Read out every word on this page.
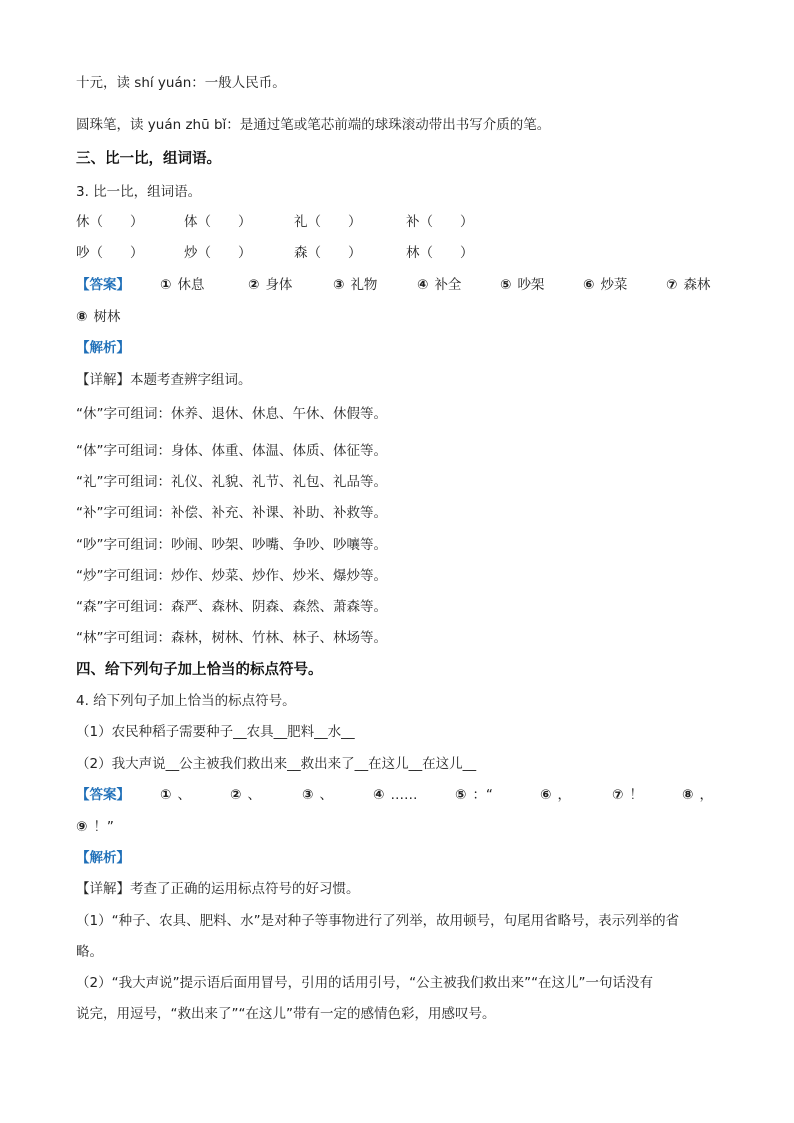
十元，读 shí yuán：一般人民币。
圆珠笔，读 yuán zhū bǐ：是通过笔或笔芯前端的球珠滚动带出书写介质的笔。
三、比一比，组词语。
3. 比一比，组词语。
休（　　）	体（　　）	礼（　　）	补（　　）
吵（　　）	炒（　　）	森（　　）	林（　　）
【答案】 ① 休息	② 身体	③ 礼物	④ 补全	⑤ 吵架	⑥ 炒菜	⑦ 森林
⑧ 树林
【解析】
【详解】本题考查辨字组词。
“休”字可组词：休养、退休、休息、午休、休假等。
“体”字可组词：身体、体重、体温、体质、体征等。
“礼”字可组词：礼仪、礼貌、礼节、礼包、礼品等。
“补”字可组词：补偿、补充、补课、补助、补救等。
“吵”字可组词：吵闹、吵架、吵嘴、争吵、吵嚷等。
“炒”字可组词：炒作、炒菜、炒作、炒米、爆炒等。
“森”字可组词：森严、森林、阴森、森然、萧森等。
“林”字可组词：森林，树林、竹林、林子、林场等。
四、给下列句子加上恰当的标点符号。
4. 给下列句子加上恰当的标点符号。
（1）农民种稻子需要种子__农具__肥料__水__
（2）我大声说__公主被我们救出来__救出来了__在这儿__在这儿__
【答案】 ① 、	② 、	③ 、	④ ……	⑤ ：“	⑥ ，	⑦ ！	⑧ ，
⑨ ！”
【解析】
【详解】考查了正确的运用标点符号的好习惯。
（1）“种子、农具、肥料、水”是对种子等事物进行了列举，故用顿号，句尾用省略号，表示列举的省
略。
（2）“我大声说”提示语后面用冒号，引用的话用引号，“公主被我们救出来”“在这儿”一句话没有
说完，用逗号，“救出来了”“在这儿”带有一定的感情色彩，用感叹号。
